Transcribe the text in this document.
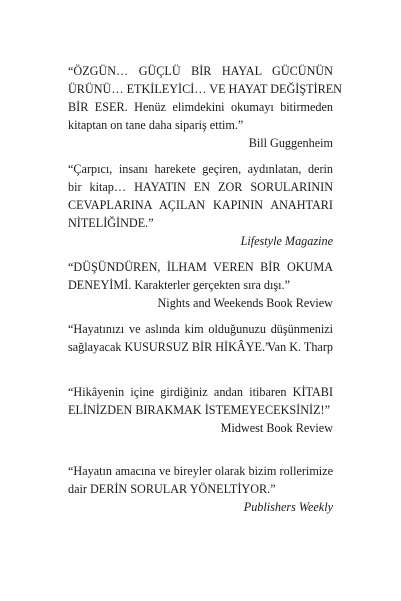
“ÖZGÜN… GÜÇLÜ BİR HAYAL GÜCÜNÜN
ÜRÜNÜ… ETKİLEYİCİ… VE HAYAT DEĞİŞTİREN
BİR ESER. Henüz elimdekini okumayı bitirmeden
kitaptan on tane daha sipariş ettim.”
Bill Guggenheim
“Çarpıcı, insanı harekete geçiren, aydınlatan, derin
bir kitap… HAYATIN EN ZOR SORULARININ
CEVAPLARINA AÇILAN KAPININ ANAHTARI
NİTELİĞİNDE.”
Lifestyle Magazine
“DÜŞÜNDÜREN, İLHAM VEREN BİR OKUMA
DENEYİMİ. Karakterler gerçekten sıra dışı.”
Nights and Weekends Book Review
“Hayatınızı ve aslında kim olduğunuzu düşünmenizi
sağlayacak KUSURSUZ BİR HİKÂYE.”
Van K. Tharp
“Hikâyenin içine girdiğiniz andan itibaren KİTABI
ELİNİZDEN BIRAKMAK İSTEMEYECEKSİNİZ!”
Midwest Book Review
“Hayatın amacına ve bireyler olarak bizim rollerimize
dair DERİN SORULAR YÖNELTİYOR.”
Publishers Weekly
